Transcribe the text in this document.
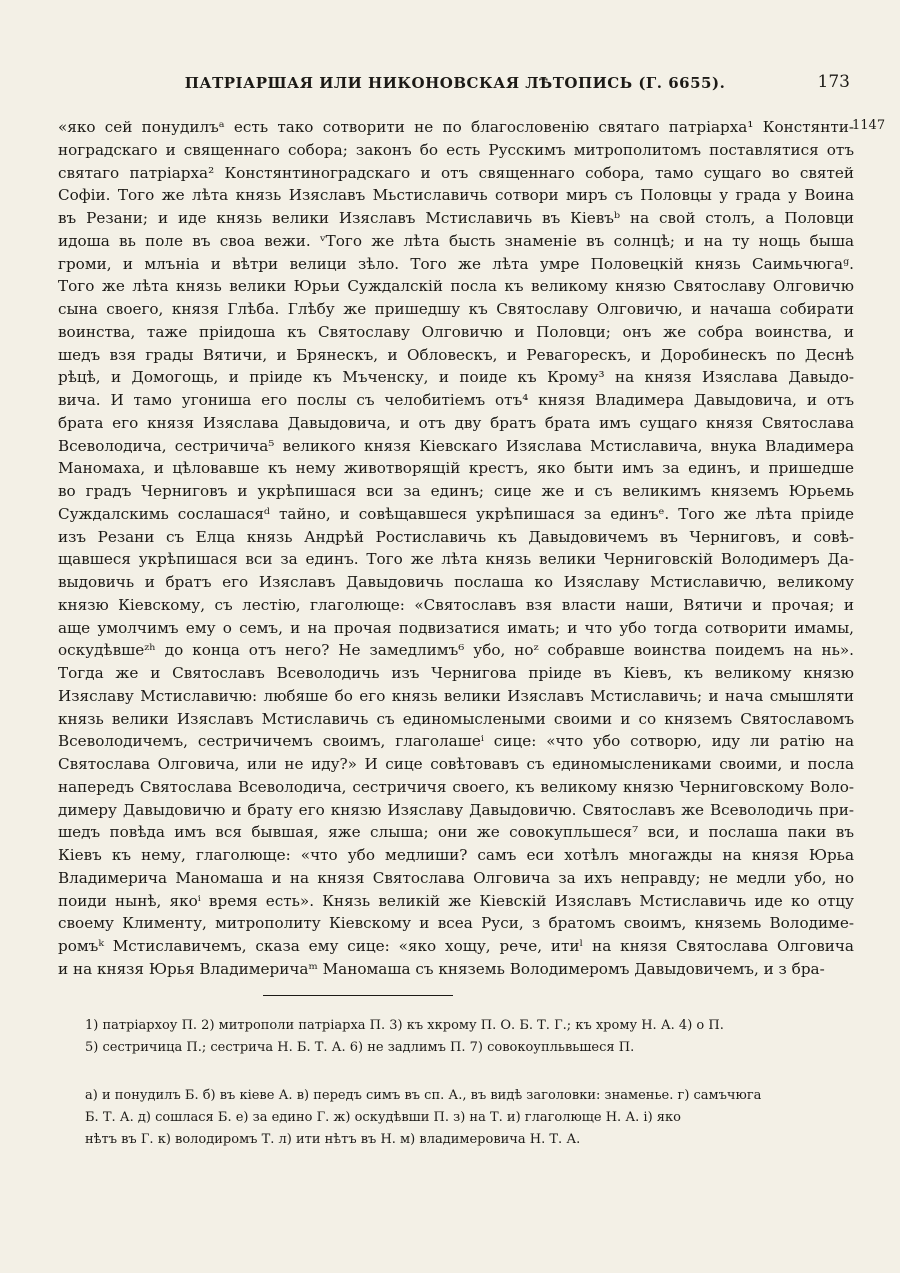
ПАТРІАРШАЯ ИЛИ НИКОНОВСКАЯ ЛѢТОПИСЬ (Г. 6655).	173
1147
«яко сей понудилъᵃ есть тако сотворити не по благословенію святаго патріарха¹ Констянти-
ноградскаго и священнаго собора; законъ бо есть Русскимъ митрополитомъ поставлятися отъ
святаго патріарха² Констянтиноградскаго и отъ священнаго собора, тамо сущаго во святей
Софіи. Того же лѣта князь Изяславъ Мьстиславичь сотвори миръ съ Половцы у града у Воина
въ Резани; и иде князь велики Изяславъ Мстиславичь въ Кіевъᵇ на свой столъ, а Половци
идоша вь поле въ своа вежи. ᵛТого же лѣта бысть знаменіе въ солнцѣ; и на ту нощь быша
громи, и млъніа и вѣтри велици зѣло. Того же лѣта умре Половецкій князь Саимьчюгаᵍ.
Того же лѣта князь велики Юрьи Суждалскій посла къ великому князю Святославу Олговичю
сына своего, князя Глѣба. Глѣбу же пришедшу къ Святославу Олговичю, и начаша собирати
воинства, таже пріидоша къ Святославу Олговичю и Половци; онъ же собра воинства, и
шедъ взя грады Вятичи, и Брянескъ, и Обловескъ, и Ревагорескъ, и Доробинескъ по Деснѣ
рѣцѣ, и Домогощь, и пріиде къ Мъченску, и поиде къ Крому³ на князя Изяслава Давыдо-
вича. И тамо угониша его послы съ челобитіемъ отъ⁴ князя Владимера Давыдовича, и отъ
брата его князя Изяслава Давыдовича, и отъ дву братъ брата имъ сущаго князя Святослава
Всеволодича, сестричича⁵ великого князя Кіевскаго Изяслава Мстиславича, внука Владимера
Маномаха, и цѣловавше къ нему животворящій крестъ, яко быти имъ за единъ, и пришедше
во градъ Черниговъ и укрѣпишася вси за единъ; сице же и съ великимъ княземъ Юрьемь
Суждалскимь сослашасяᵈ тайно, и совѣщавшеся укрѣпишася за единъᵉ. Того же лѣта пріиде
изъ Резани съ Елца князь Андрѣй Ростиславичь къ Давыдовичемъ въ Черниговъ, и совѣ-
щавшеся укрѣпишася вси за единъ. Того же лѣта князь велики Черниговскій Володимеръ Да-
выдовичь и братъ его Изяславъ Давыдовичь послаша ко Изяславу Мстиславичю, великому
князю Кіевскому, съ лестію, глаголюще: «Святославъ взя власти наши, Вятичи и прочая; и
аще умолчимъ ему о семъ, и на прочая подвизатися имать; и что убо тогда сотворити имамы,
оскудѣвшеᶻʰ до конца отъ него? Не замедлимъ⁶ убо, ноᶻ собравше воинства поидемъ на нь».
Тогда же и Святославъ Всеволодичь изъ Чернигова пріиде въ Кіевъ, къ великому князю
Изяславу Мстиславичю: любяше бо его князь велики Изяславъ Мстиславичь; и нача смышляти
князь велики Изяславъ Мстиславичь съ единомыслеными своими и со княземъ Святославомъ
Всеволодичемъ, сестричичемъ своимъ, глаголашеⁱ сице: «что убо сотворю, иду ли ратію на
Святослава Олговича, или не иду?» И сице совѣтовавъ съ единомыслениками своими, и посла
напередъ Святослава Всеволодича, сестричичя своего, къ великому князю Черниговскому Воло-
димеру Давыдовичю и брату его князю Изяславу Давыдовичю. Святославъ же Всеволодичь при-
шедъ повѣда имъ вся бывшая, яже слыша; они же совокупльшеся⁷ вси, и послаша паки въ
Кіевъ къ нему, глаголюще: «что убо медлиши? самъ еси хотѣлъ многажды на князя Юрьа
Владимерича Маномаша и на князя Святослава Олговича за ихъ неправду; не медли убо, но
поиди нынѣ, якоⁱ время есть». Князь великій же Кіевскій Изяславъ Мстиславичь иде ко отцу
своему Клименту, митрополиту Кіевскому и всеа Руси, з братомъ своимъ, княземь Володиме-
ромъᵏ Мстиславичемъ, сказа ему сице: «яко хощу, рече, итиˡ на князя Святослава Олговича
и на князя Юрья Владимеричаᵐ Маномаша съ княземь Володимеромъ Давыдовичемъ, и з бра-
1) патріархоу П. 2) митрополи патріарха П. 3) къ хкрому П. О. Б. Т. Г.; къ хрому Н. А. 4) о П.
5) сестричица П.; сестрича Н. Б. Т. А. 6) не задлимъ П. 7) совокоупльвьшеся П.
а) и понудилъ Б. б) въ кіеве А. в) передъ симъ въ сп. А., въ видѣ заголовки: знаменье. г) самъчюга
Б. Т. А. д) сошлася Б. е) за едино Г. ж) оскудѣвши П. з) на Т. и) глаголюще Н. А. і) яко
нѣтъ въ Г. к) володиромъ Т. л) ити нѣтъ въ Н. м) владимеровича Н. Т. А.
